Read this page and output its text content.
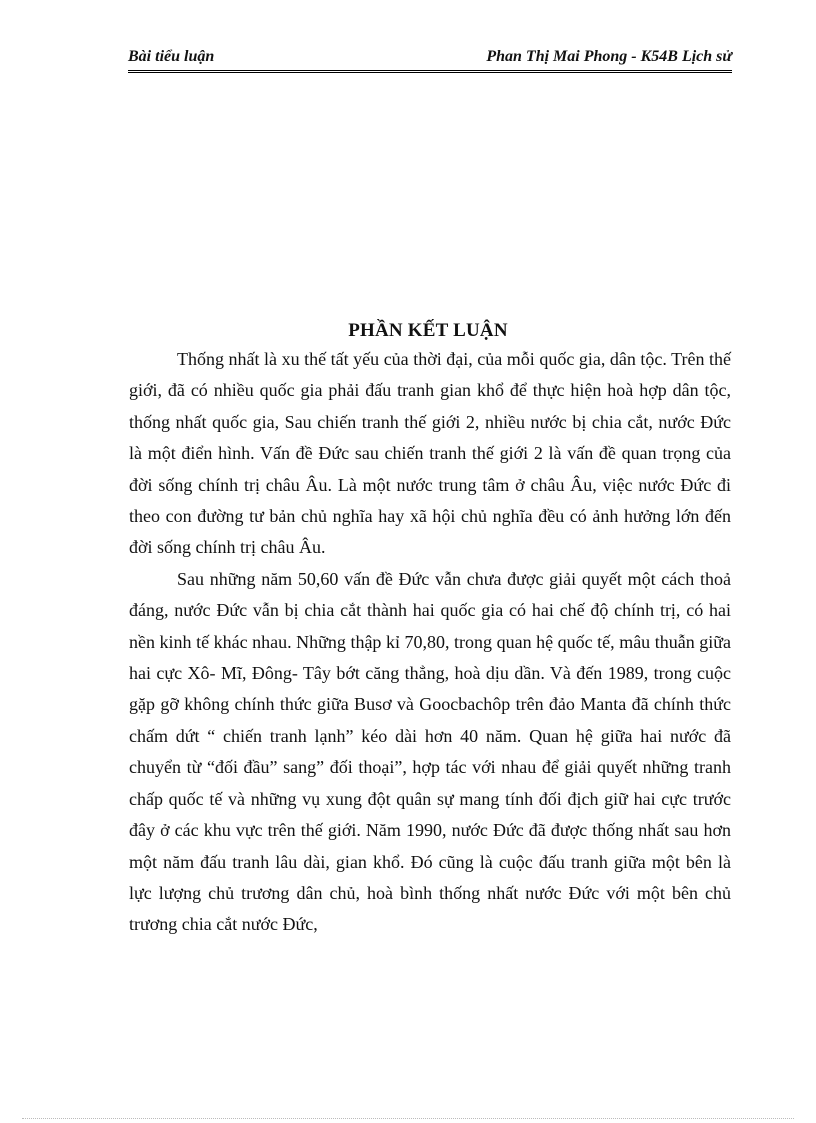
Bài tiểu luận	Phan Thị Mai Phong - K54B Lịch sử
PHẦN KẾT LUẬN

Thống nhất là xu thế tất yếu của thời đại, của mỗi quốc gia, dân tộc. Trên thế giới, đã có nhiều quốc gia phải đấu tranh gian khổ để thực hiện hoà hợp dân tộc, thống nhất quốc gia, Sau chiến tranh thế giới 2, nhiều nước bị chia cắt, nước Đức là một điển hình. Vấn đề Đức sau chiến tranh thế giới 2 là vấn đề quan trọng của đời sống chính trị châu Âu. Là một nước trung tâm ở châu Âu, việc nước Đức đi theo con đường tư bản chủ nghĩa hay xã hội chủ nghĩa đều có ảnh hưởng lớn đến đời sống chính trị châu Âu.

Sau những năm 50,60 vấn đề Đức vẫn chưa được giải quyết một cách thoả đáng, nước Đức vẫn bị chia cắt thành hai quốc gia có hai chế độ chính trị, có hai nền kinh tế khác nhau. Những thập kỉ 70,80, trong quan hệ quốc tế, mâu thuẫn giữa hai cực Xô- Mĩ, Đông- Tây bớt căng thẳng, hoà dịu dần. Và đến 1989, trong cuộc gặp gỡ không chính thức giữa Busơ và Goocbachôp trên đảo Manta đã chính thức chấm dứt “ chiến tranh lạnh” kéo dài hơn 40 năm. Quan hệ giữa hai nước đã chuyển từ “đối đầu” sang” đối thoại”, hợp tác với nhau để giải quyết những tranh chấp quốc tế và những vụ xung đột quân sự mang tính đối địch giữ hai cực trước đây ở các khu vực trên thế giới. Năm 1990, nước Đức đã được thống nhất sau hơn một năm đấu tranh lâu dài, gian khổ. Đó cũng là cuộc đấu tranh giữa một bên là lực lượng chủ trương dân chủ, hoà bình thống nhất nước Đức với một bên chủ trương chia cắt nước Đức,
